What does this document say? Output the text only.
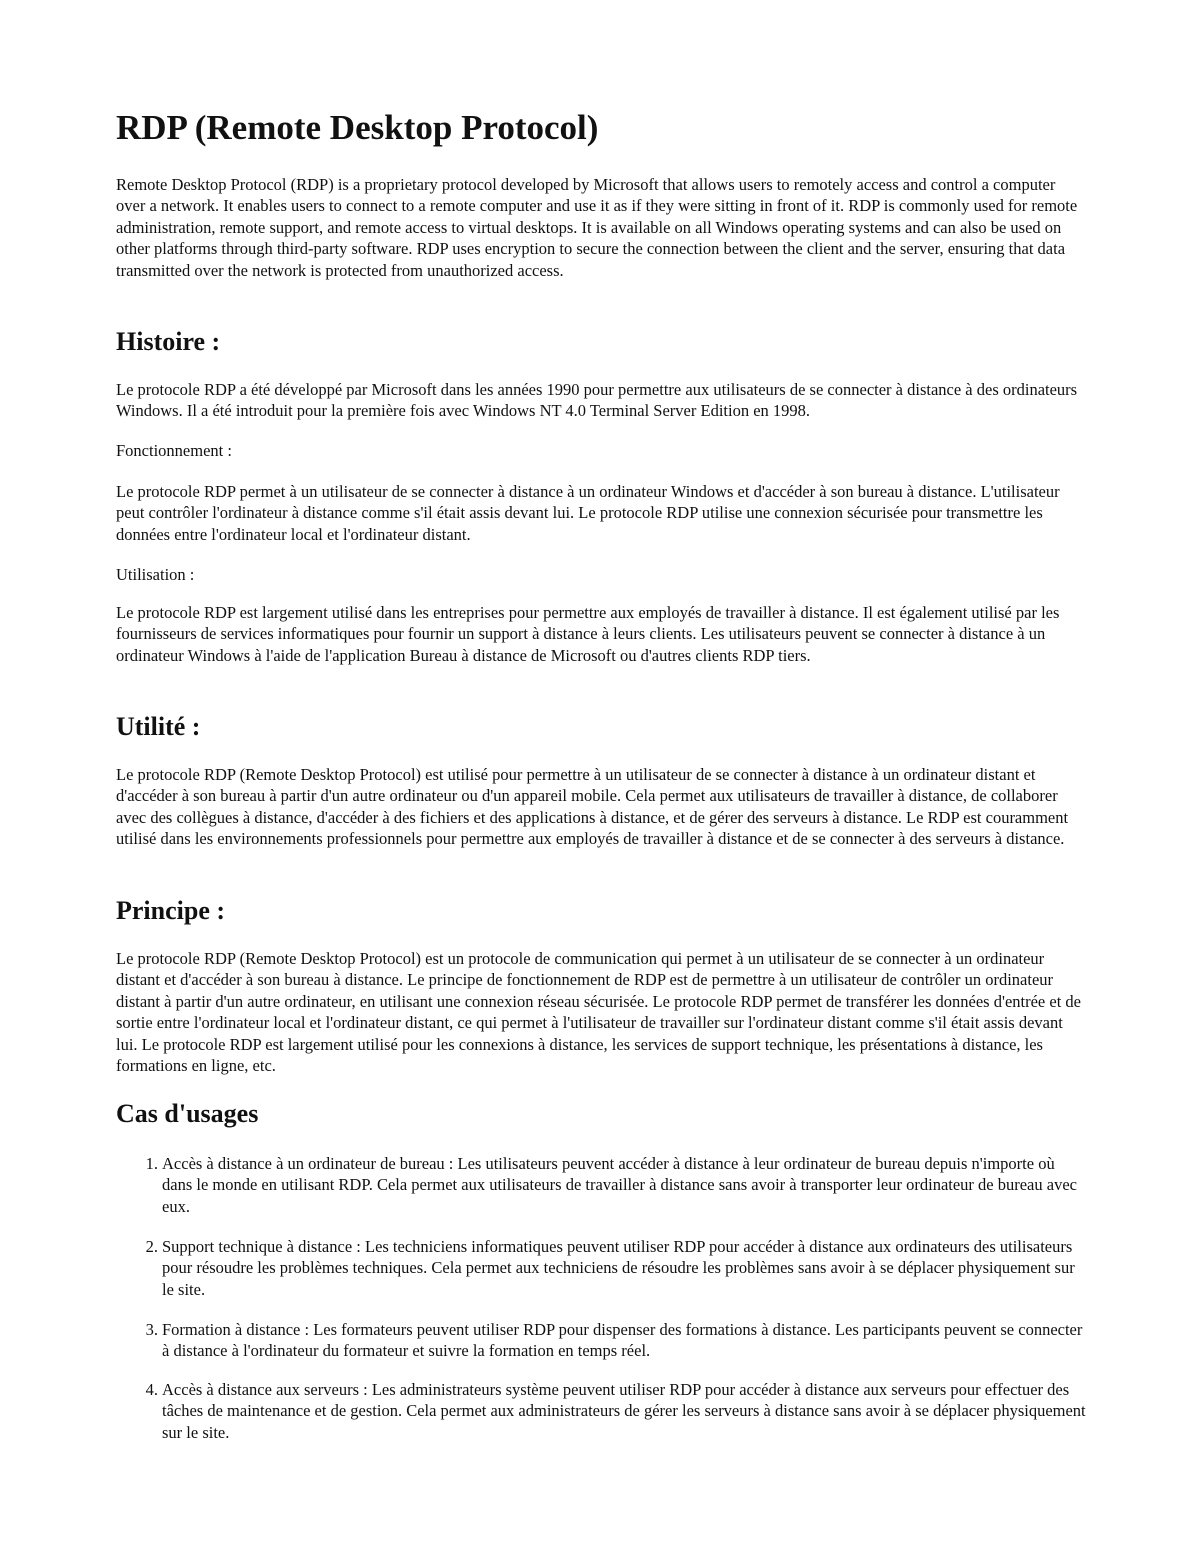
RDP (Remote Desktop Protocol)

Remote Desktop Protocol (RDP) is a proprietary protocol developed by Microsoft that allows users to remotely access and control a computer over a network. It enables users to connect to a remote computer and use it as if they were sitting in front of it. RDP is commonly used for remote administration, remote support, and remote access to virtual desktops. It is available on all Windows operating systems and can also be used on other platforms through third-party software. RDP uses encryption to secure the connection between the client and the server, ensuring that data transmitted over the network is protected from unauthorized access.

Histoire :

Le protocole RDP a été développé par Microsoft dans les années 1990 pour permettre aux utilisateurs de se connecter à distance à des ordinateurs Windows. Il a été introduit pour la première fois avec Windows NT 4.0 Terminal Server Edition en 1998.

Fonctionnement :

Le protocole RDP permet à un utilisateur de se connecter à distance à un ordinateur Windows et d'accéder à son bureau à distance. L'utilisateur peut contrôler l'ordinateur à distance comme s'il était assis devant lui. Le protocole RDP utilise une connexion sécurisée pour transmettre les données entre l'ordinateur local et l'ordinateur distant.

Utilisation :

Le protocole RDP est largement utilisé dans les entreprises pour permettre aux employés de travailler à distance. Il est également utilisé par les fournisseurs de services informatiques pour fournir un support à distance à leurs clients. Les utilisateurs peuvent se connecter à distance à un ordinateur Windows à l'aide de l'application Bureau à distance de Microsoft ou d'autres clients RDP tiers.

Utilité :

Le protocole RDP (Remote Desktop Protocol) est utilisé pour permettre à un utilisateur de se connecter à distance à un ordinateur distant et d'accéder à son bureau à partir d'un autre ordinateur ou d'un appareil mobile. Cela permet aux utilisateurs de travailler à distance, de collaborer avec des collègues à distance, d'accéder à des fichiers et des applications à distance, et de gérer des serveurs à distance. Le RDP est couramment utilisé dans les environnements professionnels pour permettre aux employés de travailler à distance et de se connecter à des serveurs à distance.

Principe :

Le protocole RDP (Remote Desktop Protocol) est un protocole de communication qui permet à un utilisateur de se connecter à un ordinateur distant et d'accéder à son bureau à distance. Le principe de fonctionnement de RDP est de permettre à un utilisateur de contrôler un ordinateur distant à partir d'un autre ordinateur, en utilisant une connexion réseau sécurisée. Le protocole RDP permet de transférer les données d'entrée et de sortie entre l'ordinateur local et l'ordinateur distant, ce qui permet à l'utilisateur de travailler sur l'ordinateur distant comme s'il était assis devant lui. Le protocole RDP est largement utilisé pour les connexions à distance, les services de support technique, les présentations à distance, les formations en ligne, etc.

Cas d'usages
1. Accès à distance à un ordinateur de bureau : Les utilisateurs peuvent accéder à distance à leur ordinateur de bureau depuis n'importe où dans le monde en utilisant RDP. Cela permet aux utilisateurs de travailler à distance sans avoir à transporter leur ordinateur de bureau avec eux.
2. Support technique à distance : Les techniciens informatiques peuvent utiliser RDP pour accéder à distance aux ordinateurs des utilisateurs pour résoudre les problèmes techniques. Cela permet aux techniciens de résoudre les problèmes sans avoir à se déplacer physiquement sur le site.
3. Formation à distance : Les formateurs peuvent utiliser RDP pour dispenser des formations à distance. Les participants peuvent se connecter à distance à l'ordinateur du formateur et suivre la formation en temps réel.
4. Accès à distance aux serveurs : Les administrateurs système peuvent utiliser RDP pour accéder à distance aux serveurs pour effectuer des tâches de maintenance et de gestion. Cela permet aux administrateurs de gérer les serveurs à distance sans avoir à se déplacer physiquement sur le site.
